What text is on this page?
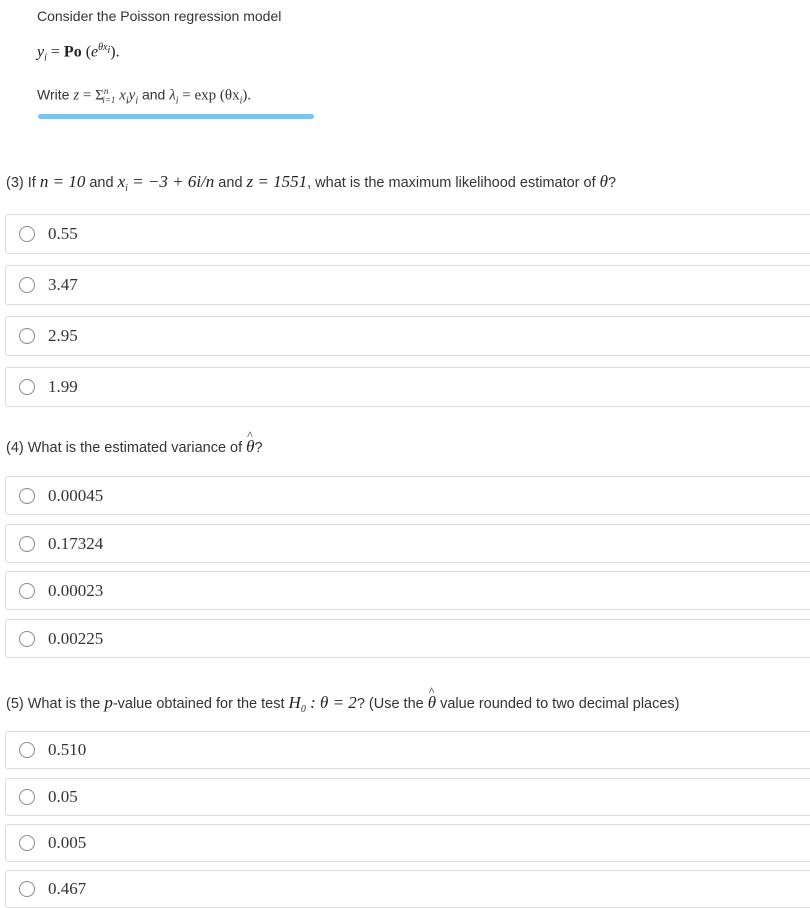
Consider the Poisson regression model
$y_i = Po$ $(e^{\theta x_i})$.
Write $z = \Sigma^n_{i=1}$ $x_iy_i$ and $\lambda_i = \exp (\theta x_i)$.
(3) If n = 10 and $x_i = -3 + 6i/n$ and z = 1551, what is the maximum likelihood estimator of θ?
0.55
3.47
2.95
1.99
(4) What is the estimated variance of ^ θ?
0.00045
0.17324
0.00023
0.00225
(5) What is the p-value obtained for the test $H_0$ : θ = 2? (Use the ^ θ value rounded to two decimal places)
0.510
0.05
0.005
0.467
